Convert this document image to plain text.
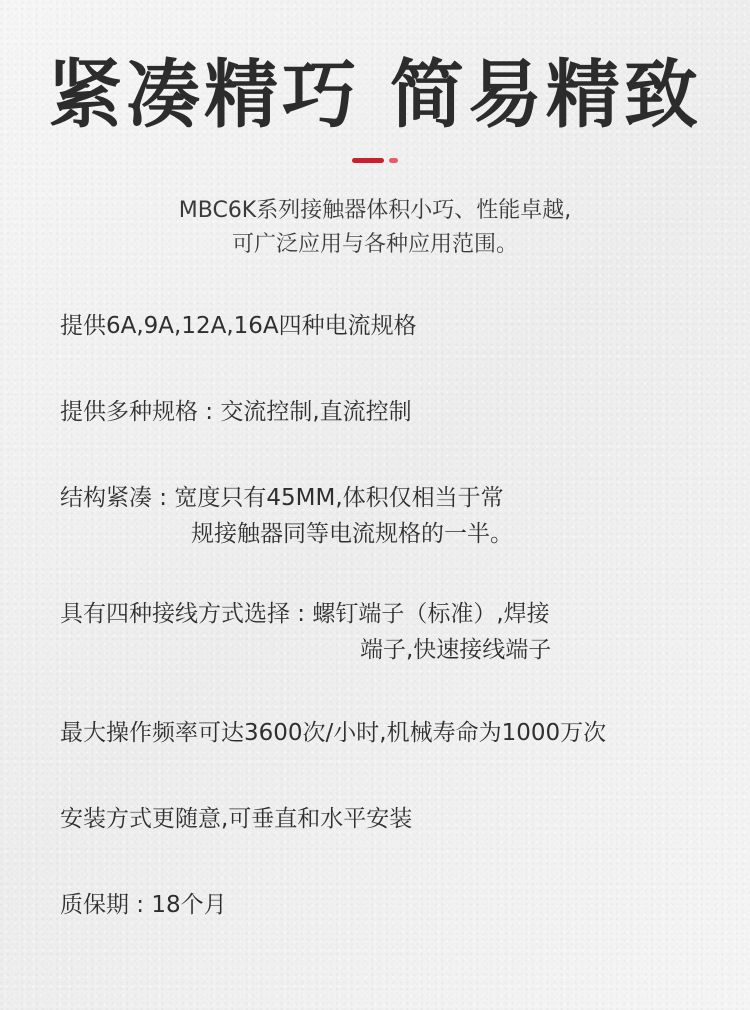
紧凑精巧 简易精致
MBC6K系列接触器体积小巧、性能卓越,
可广泛应用与各种应用范围。
提供6A,9A,12A,16A四种电流规格
提供多种规格 : 交流控制,直流控制
结构紧凑 : 宽度只有45MM,体积仅相当于常
规接触器同等电流规格的一半。
具有四种接线方式选择 : 螺钉端子（标准）,焊接
端子,快速接线端子
最大操作频率可达3600次/小时,机械寿命为1000万次
安装方式更随意,可垂直和水平安装
质保期 : 18个月
